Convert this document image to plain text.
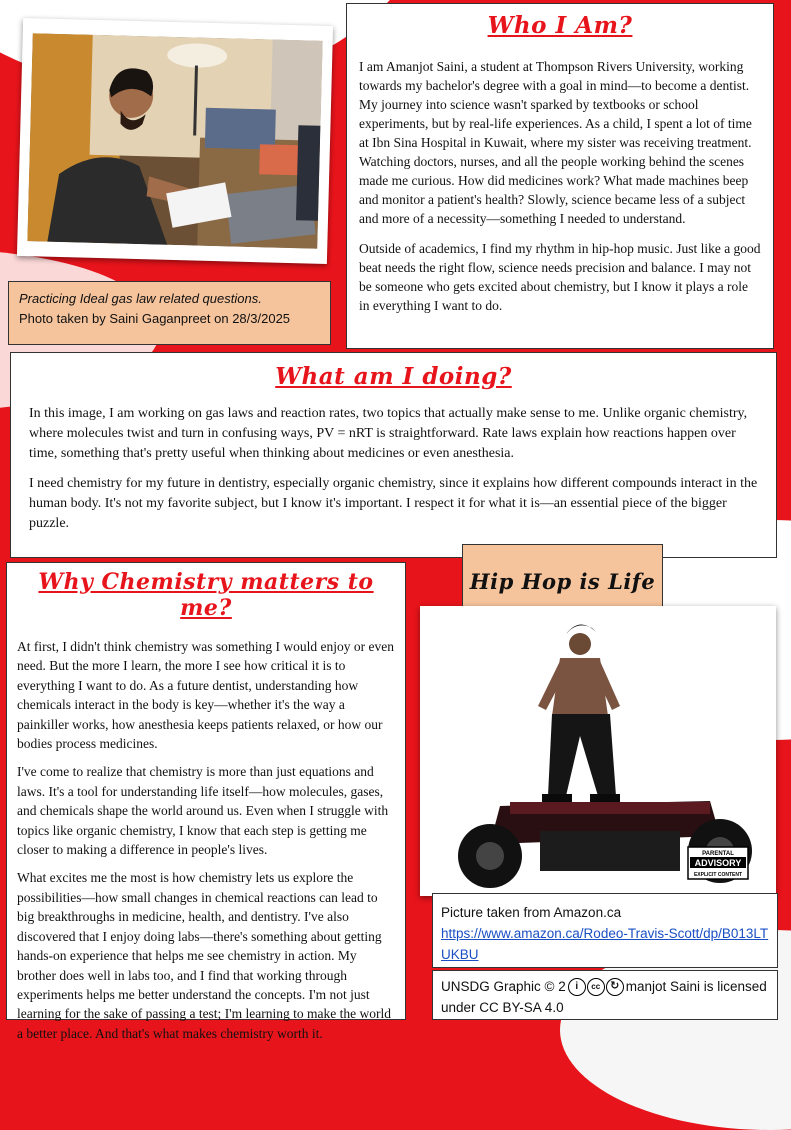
Practicing Ideal gas law related questions.
Photo taken by Saini Gaganpreet on 28/3/2025
Who I Am?

I am Amanjot Saini, a student at Thompson Rivers University, working towards my bachelor's degree with a goal in mind—to become a dentist. My journey into science wasn't sparked by textbooks or school experiments, but by real-life experiences. As a child, I spent a lot of time at Ibn Sina Hospital in Kuwait, where my sister was receiving treatment. Watching doctors, nurses, and all the people working behind the scenes made me curious. How did medicines work? What made machines beep and monitor a patient's health? Slowly, science became less of a subject and more of a necessity—something I needed to understand.

Outside of academics, I find my rhythm in hip-hop music. Just like a good beat needs the right flow, science needs precision and balance. I may not be someone who gets excited about chemistry, but I know it plays a role in everything I want to do.

What am I doing?

In this image, I am working on gas laws and reaction rates, two topics that actually make sense to me. Unlike organic chemistry, where molecules twist and turn in confusing ways, PV = nRT is straightforward. Rate laws explain how reactions happen over time, something that's pretty useful when thinking about medicines or even anesthesia.

I need chemistry for my future in dentistry, especially organic chemistry, since it explains how different compounds interact in the human body. It's not my favorite subject, but I know it's important. I respect it for what it is—an essential piece of the bigger puzzle.

Why Chemistry matters to me?

At first, I didn't think chemistry was something I would enjoy or even need. But the more I learn, the more I see how critical it is to everything I want to do. As a future dentist, understanding how chemicals interact in the body is key—whether it's the way a painkiller works, how anesthesia keeps patients relaxed, or how our bodies process medicines.

I've come to realize that chemistry is more than just equations and laws. It's a tool for understanding life itself—how molecules, gases, and chemicals shape the world around us. Even when I struggle with topics like organic chemistry, I know that each step is getting me closer to making a difference in people's lives.

What excites me the most is how chemistry lets us explore the possibilities—how small changes in chemical reactions can lead to big breakthroughs in medicine, health, and dentistry. I've also discovered that I enjoy doing labs—there's something about getting hands-on experience that helps me see chemistry in action. My brother does well in labs too, and I find that working through experiments helps me better understand the concepts. I'm not just learning for the sake of passing a test; I'm learning to make the world a better place. And that's what makes chemistry worth it.

Hip Hop is Life
PARENTAL
ADVISORY
EXPLICIT CONTENT
Picture taken from Amazon.ca
https://www.amazon.ca/Rodeo-Travis-Scott/dp/B013LTUKBU
UNSDG Graphic © 2 i	cc ↻ manjot Saini is licensed
under CC BY-SA 4.0
